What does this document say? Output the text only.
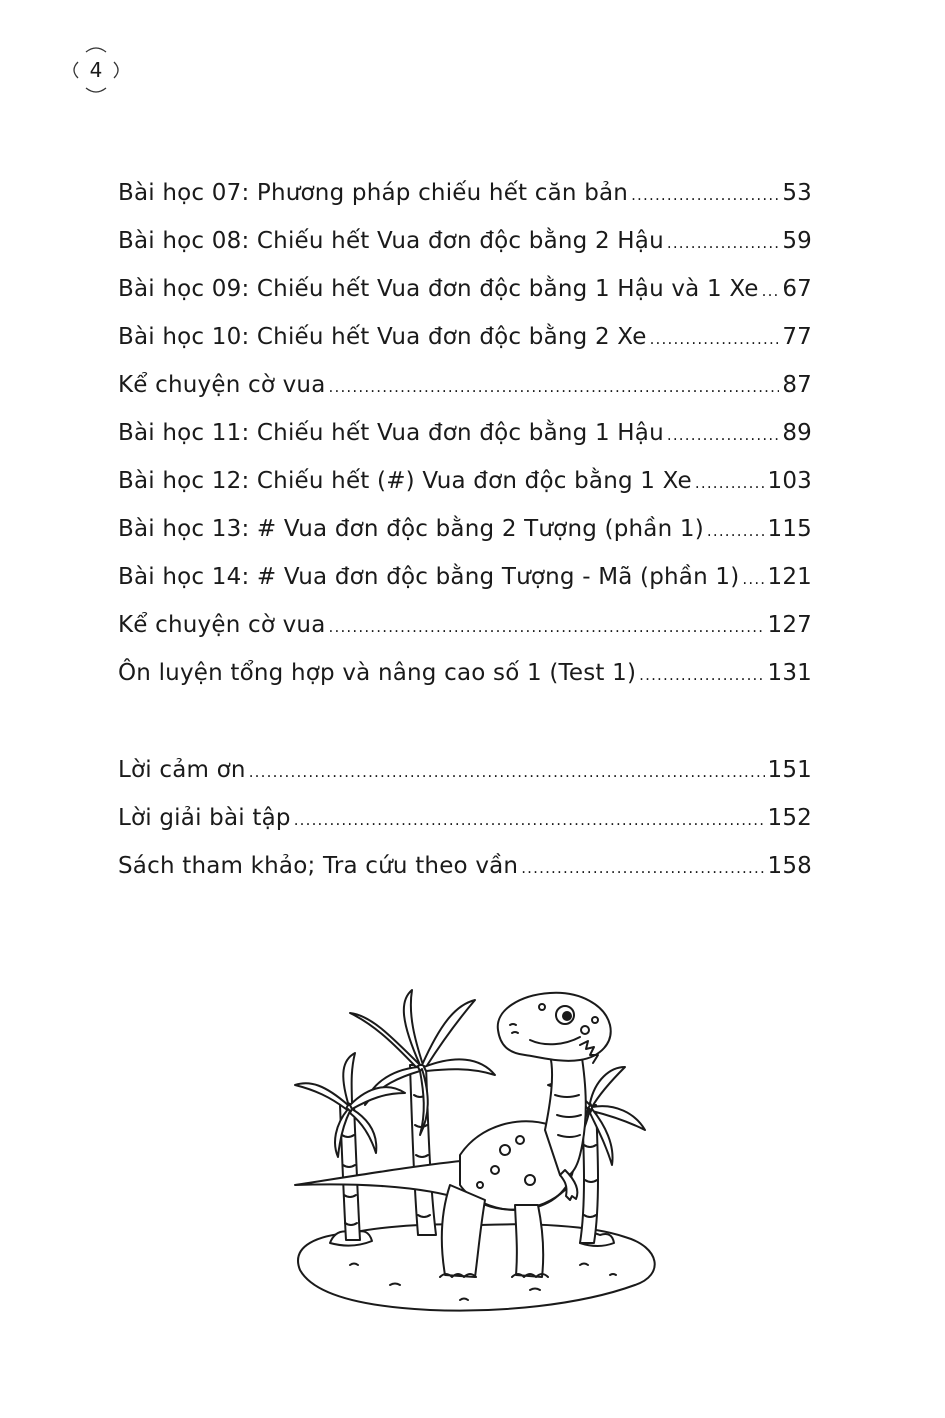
4
Bài học 07: Phương pháp chiếu hết căn bản .....	53
Bài học 08: Chiếu hết Vua đơn độc bằng 2 Hậu .....	59
Bài học 09: Chiếu hết Vua đơn độc bằng 1 Hậu và 1 Xe ..... 67
Bài học 10: Chiếu hết Vua đơn độc bằng 2 Xe .....	77
Kể chuyện cờ vua .....	87
Bài học 11: Chiếu hết Vua đơn độc bằng 1 Hậu .....	89
Bài học 12: Chiếu hết (#) Vua đơn độc bằng 1 Xe .....	103
Bài học 13: # Vua đơn độc bằng 2 Tượng (phần 1) .....	115
Bài học 14: # Vua đơn độc bằng Tượng - Mã (phần 1) ..... 121
Kể chuyện cờ vua .....	127
Ôn luyện tổng hợp và nâng cao số 1 (Test 1) .....	131
Lời cảm ơn .....	151
Lời giải bài tập .....	152
Sách tham khảo; Tra cứu theo vần .....	158
